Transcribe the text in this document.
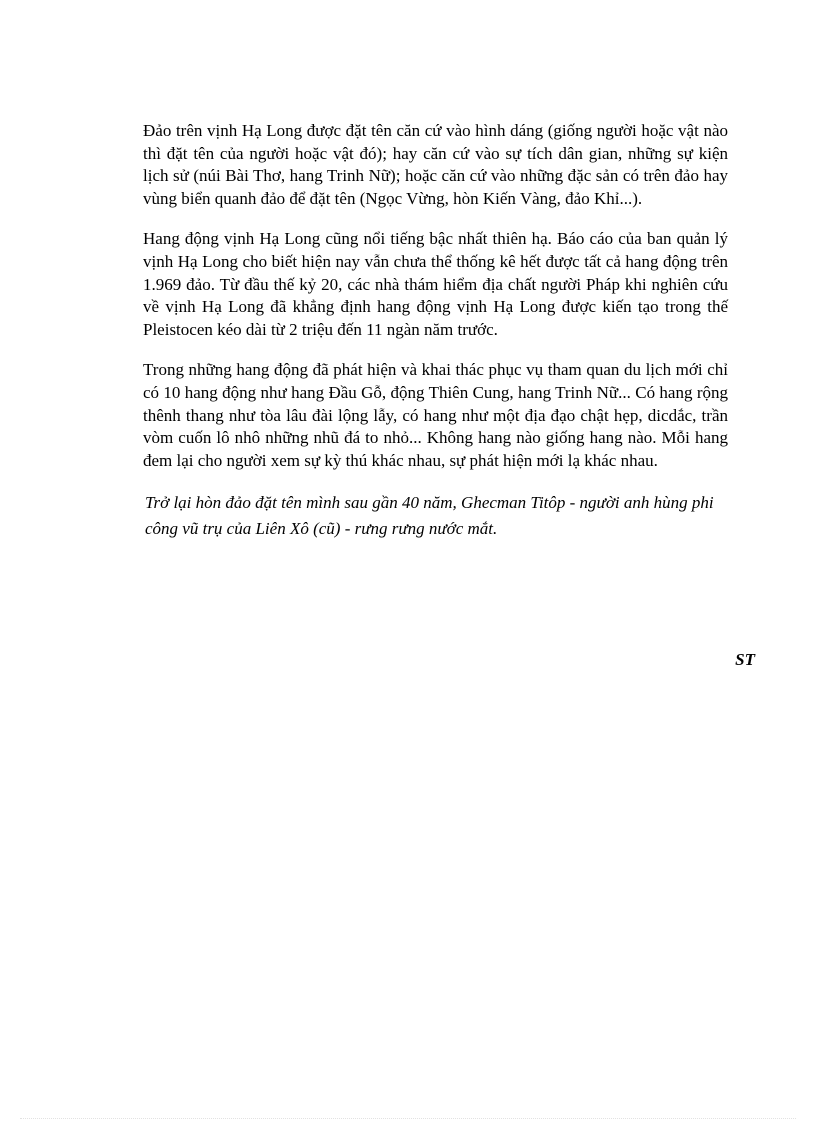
Đảo trên vịnh Hạ Long được đặt tên căn cứ vào hình dáng (giống người hoặc vật nào thì đặt tên của người hoặc vật đó); hay căn cứ vào sự tích dân gian, những sự kiện lịch sử (núi Bài Thơ, hang Trinh Nữ); hoặc căn cứ vào những đặc sản có trên đảo hay vùng biển quanh đảo để đặt tên (Ngọc Vừng, hòn Kiến Vàng, đảo Khỉ...).

Hang động vịnh Hạ Long cũng nổi tiếng bậc nhất thiên hạ. Báo cáo của ban quản lý vịnh Hạ Long cho biết hiện nay vẫn chưa thể thống kê hết được tất cả hang động trên 1.969 đảo. Từ đầu thế kỷ 20, các nhà thám hiểm địa chất người Pháp khi nghiên cứu về vịnh Hạ Long đã khẳng định hang động vịnh Hạ Long được kiến tạo trong thế Pleistocen kéo dài từ 2 triệu đến 11 ngàn năm trước.

Trong những hang động đã phát hiện và khai thác phục vụ tham quan du lịch mới chỉ có 10 hang động như hang Đầu Gỗ, động Thiên Cung, hang Trinh Nữ... Có hang rộng thênh thang như tòa lâu đài lộng lẫy, có hang như một địa đạo chật hẹp, dicdắc, trần vòm cuốn lô nhô những nhũ đá to nhỏ... Không hang nào giống hang nào. Mỗi hang đem lại cho người xem sự kỳ thú khác nhau, sự phát hiện mới lạ khác nhau.

Trở lại hòn đảo đặt tên mình sau gần 40 năm, Ghecman Titôp - người anh hùng phi công vũ trụ của Liên Xô (cũ) - rưng rưng nước mắt.

ST
